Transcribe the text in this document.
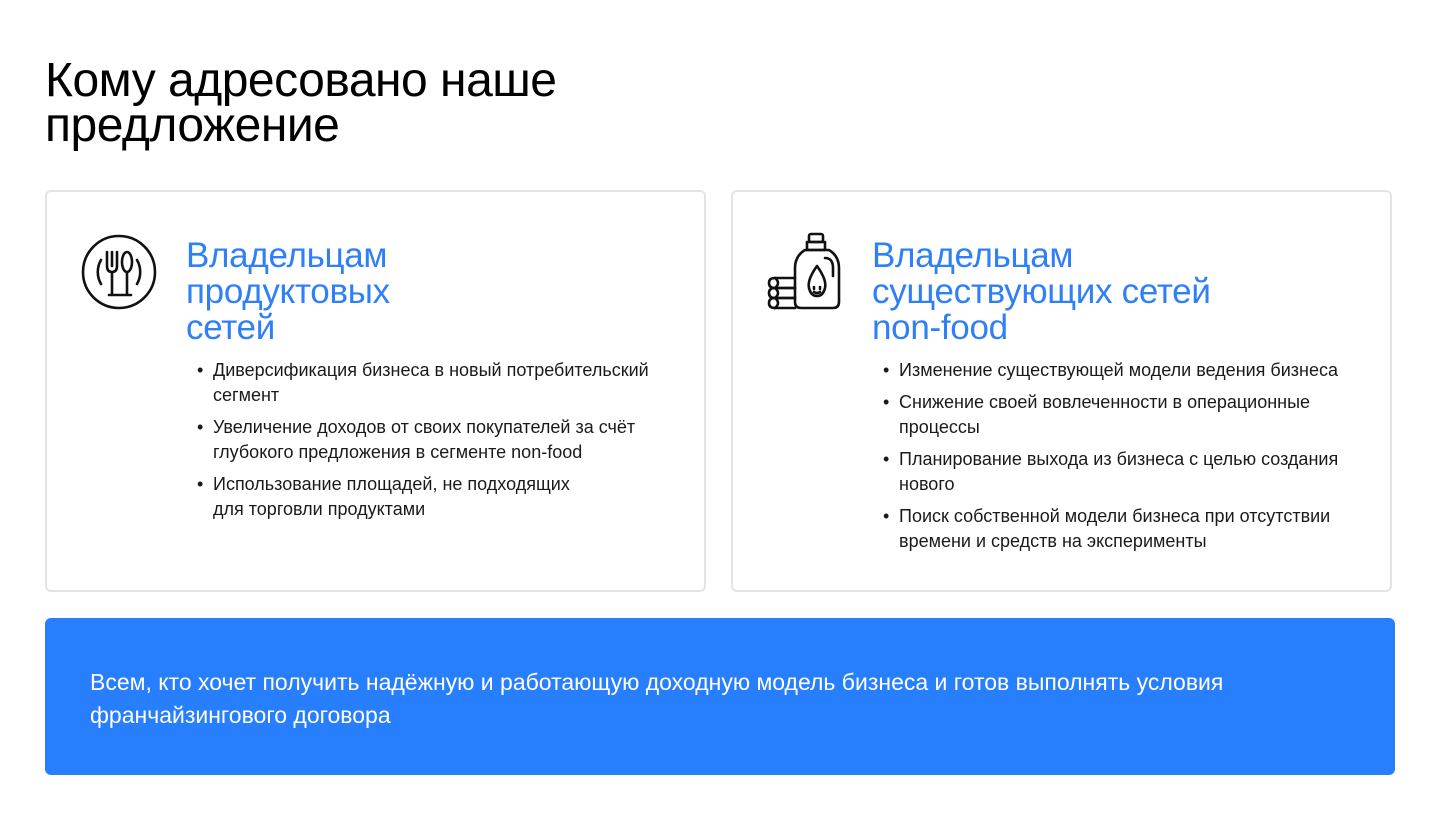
Кому адресовано наше
предложение
Владельцам
продуктовых
сетей
• Диверсификация бизнеса в новый потребительский
сегмент
• Увеличение доходов от своих покупателей за счёт
глубокого предложения в сегменте non-food
• Использование площадей, не подходящих
для торговли продуктами
Владельцам
существующих сетей
non-food
• Изменение существующей модели ведения бизнеса
• Снижение своей вовлеченности в операционные
процессы
• Планирование выхода из бизнеса с целью создания
нового
• Поиск собственной модели бизнеса при отсутствии
времени и средств на эксперименты

Всем, кто хочет получить надёжную и работающую доходную модель бизнеса и готов выполнять условия
франчайзингового договора
